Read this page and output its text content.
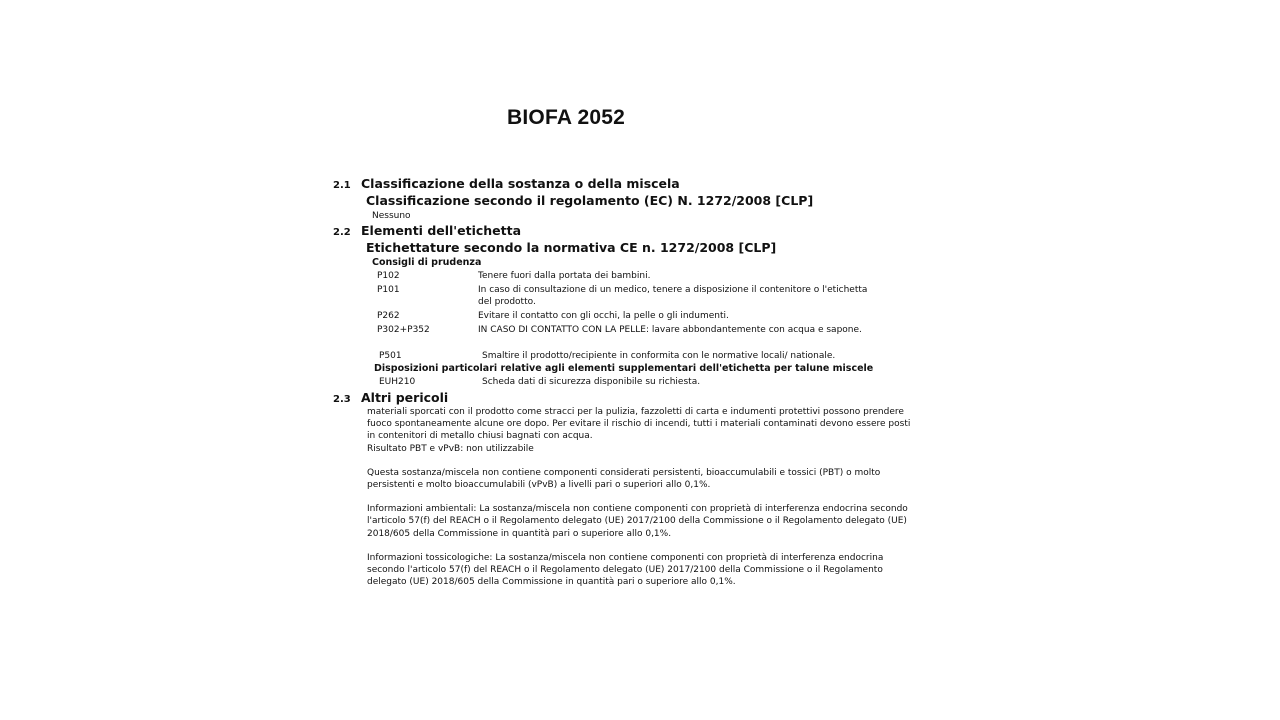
BIOFA 2052
2.1 Classificazione della sostanza o della miscela
Classificazione secondo il regolamento (EC) N. 1272/2008 [CLP]
Nessuno
2.2 Elementi dell'etichetta
Etichettature secondo la normativa CE n. 1272/2008 [CLP]
Consigli di prudenza
P102	Tenere fuori dalla portata dei bambini.
P101	In caso di consultazione di un medico, tenere a disposizione il contenitore o l'etichetta del prodotto.
P262	Evitare il contatto con gli occhi, la pelle o gli indumenti.
P302+P352	IN CASO DI CONTATTO CON LA PELLE: lavare abbondantemente con acqua e sapone.
P501	Smaltire il prodotto/recipiente in conformita con le normative locali/ nationale.
Disposizioni particolari relative agli elementi supplementari dell'etichetta per talune miscele
EUH210	Scheda dati di sicurezza disponibile su richiesta.
2.3 Altri pericoli
materiali sporcati con il prodotto come stracci per la pulizia, fazzoletti di carta e indumenti protettivi possono prendere fuoco spontaneamente alcune ore dopo. Per evitare il rischio di incendi, tutti i materiali contaminati devono essere posti in contenitori di metallo chiusi bagnati con acqua.
Risultato PBT e vPvB: non utilizzabile
Questa sostanza/miscela non contiene componenti considerati persistenti, bioaccumulabili e tossici (PBT) o molto persistenti e molto bioaccumulabili (vPvB) a livelli pari o superiori allo 0,1%.
Informazioni ambientali: La sostanza/miscela non contiene componenti con proprietà di interferenza endocrina secondo l'articolo 57(f) del REACH o il Regolamento delegato (UE) 2017/2100 della Commissione o il Regolamento delegato (UE) 2018/605 della Commissione in quantità pari o superiore allo 0,1%.
Informazioni tossicologiche: La sostanza/miscela non contiene componenti con proprietà di interferenza endocrina secondo l'articolo 57(f) del REACH o il Regolamento delegato (UE) 2017/2100 della Commissione o il Regolamento delegato (UE) 2018/605 della Commissione in quantità pari o superiore allo 0,1%.
